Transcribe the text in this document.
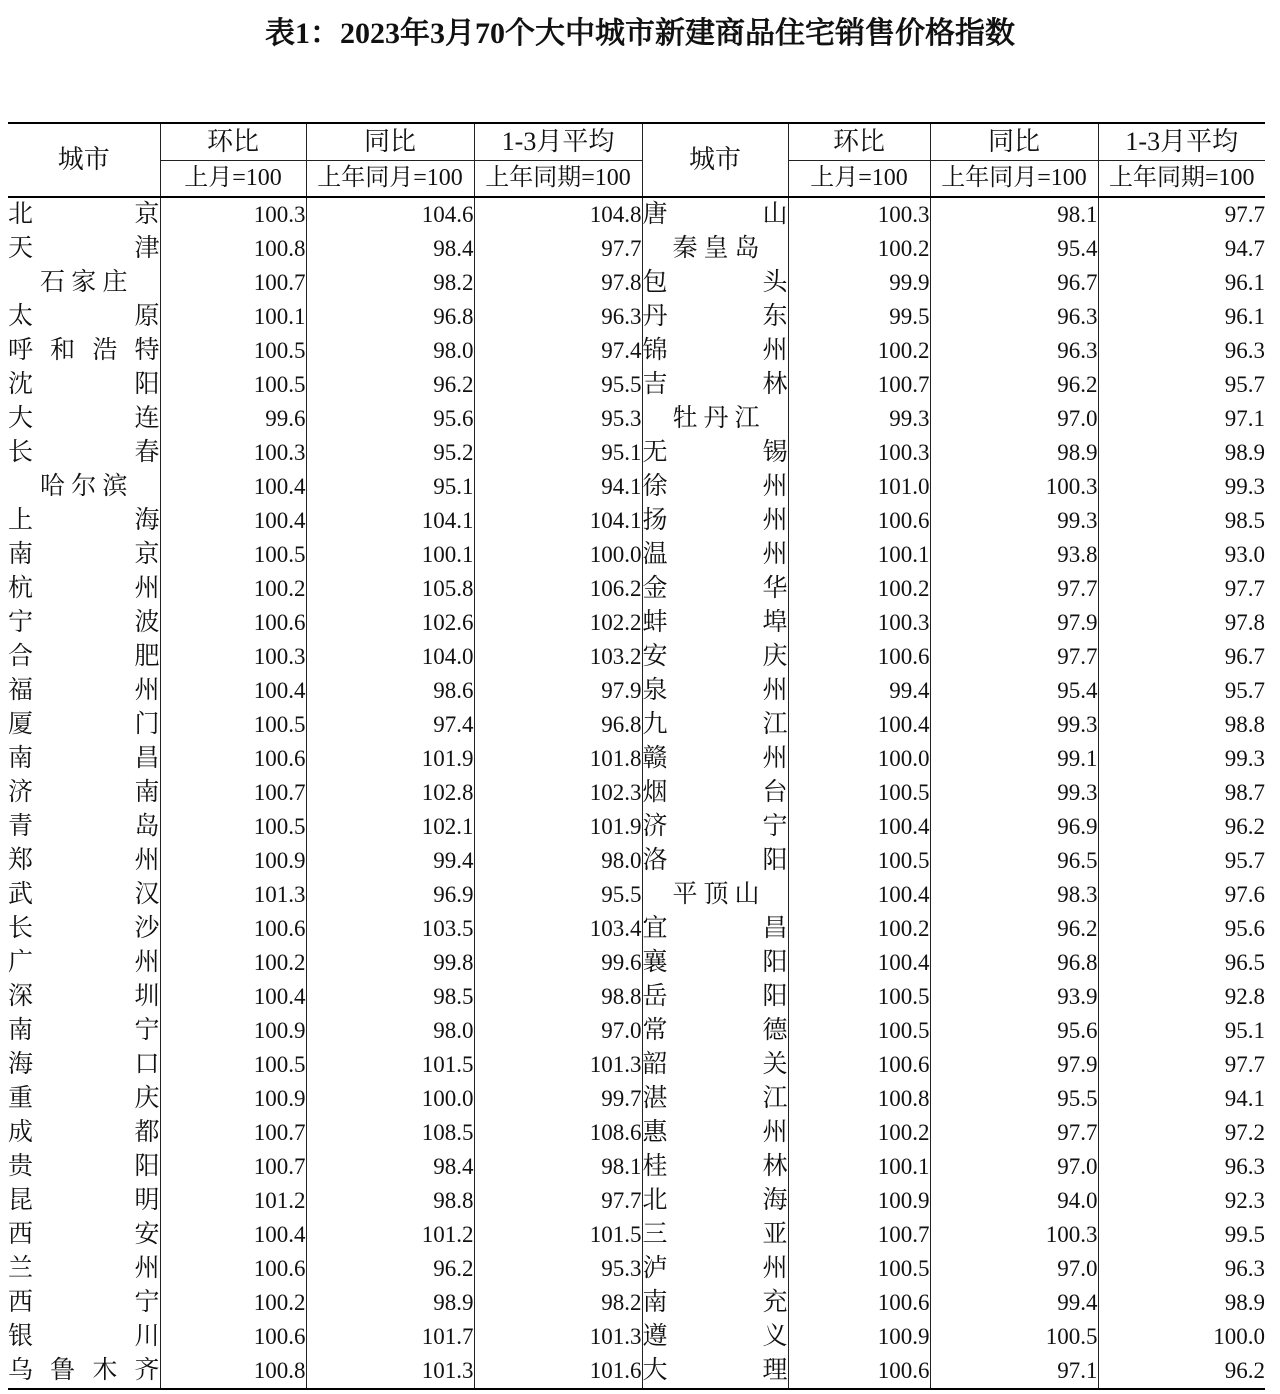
表1：2023年3月70个大中城市新建商品住宅销售价格指数
城市	环比	同比	1-3月平均	城市	环比	同比	1-3月平均
	上月=100	上年同月=100	上年同期=100		上月=100	上年同月=100	上年同期=100

北京	100.3	104.6	104.8	唐山	100.3	98.1	97.7

天津	100.8	98.4	97.7	秦皇岛	100.2	95.4	94.7

石家庄	100.7	98.2	97.8	包头	99.9	96.7	96.1

太原	100.1	96.8	96.3	丹东	99.5	96.3	96.1

呼和浩特	100.5	98.0	97.4	锦州	100.2	96.3	96.3

沈阳	100.5	96.2	95.5	吉林	100.7	96.2	95.7

大连	99.6	95.6	95.3	牡丹江	99.3	97.0	97.1

长春	100.3	95.2	95.1	无锡	100.3	98.9	98.9

哈尔滨	100.4	95.1	94.1	徐州	101.0	100.3	99.3

上海	100.4	104.1	104.1	扬州	100.6	99.3	98.5

南京	100.5	100.1	100.0	温州	100.1	93.8	93.0

杭州	100.2	105.8	106.2	金华	100.2	97.7	97.7

宁波	100.6	102.6	102.2	蚌埠	100.3	97.9	97.8

合肥	100.3	104.0	103.2	安庆	100.6	97.7	96.7

福州	100.4	98.6	97.9	泉州	99.4	95.4	95.7

厦门	100.5	97.4	96.8	九江	100.4	99.3	98.8

南昌	100.6	101.9	101.8	赣州	100.0	99.1	99.3

济南	100.7	102.8	102.3	烟台	100.5	99.3	98.7

青岛	100.5	102.1	101.9	济宁	100.4	96.9	96.2

郑州	100.9	99.4	98.0	洛阳	100.5	96.5	95.7

武汉	101.3	96.9	95.5	平顶山	100.4	98.3	97.6

长沙	100.6	103.5	103.4	宜昌	100.2	96.2	95.6

广州	100.2	99.8	99.6	襄阳	100.4	96.8	96.5

深圳	100.4	98.5	98.8	岳阳	100.5	93.9	92.8

南宁	100.9	98.0	97.0	常德	100.5	95.6	95.1

海口	100.5	101.5	101.3	韶关	100.6	97.9	97.7

重庆	100.9	100.0	99.7	湛江	100.8	95.5	94.1

成都	100.7	108.5	108.6	惠州	100.2	97.7	97.2

贵阳	100.7	98.4	98.1	桂林	100.1	97.0	96.3

昆明	101.2	98.8	97.7	北海	100.9	94.0	92.3

西安	100.4	101.2	101.5	三亚	100.7	100.3	99.5

兰州	100.6	96.2	95.3	泸州	100.5	97.0	96.3

西宁	100.2	98.9	98.2	南充	100.6	99.4	98.9

银川	100.6	101.7	101.3	遵义	100.9	100.5	100.0

乌鲁木齐	100.8	101.3	101.6	大理	100.6	97.1	96.2
